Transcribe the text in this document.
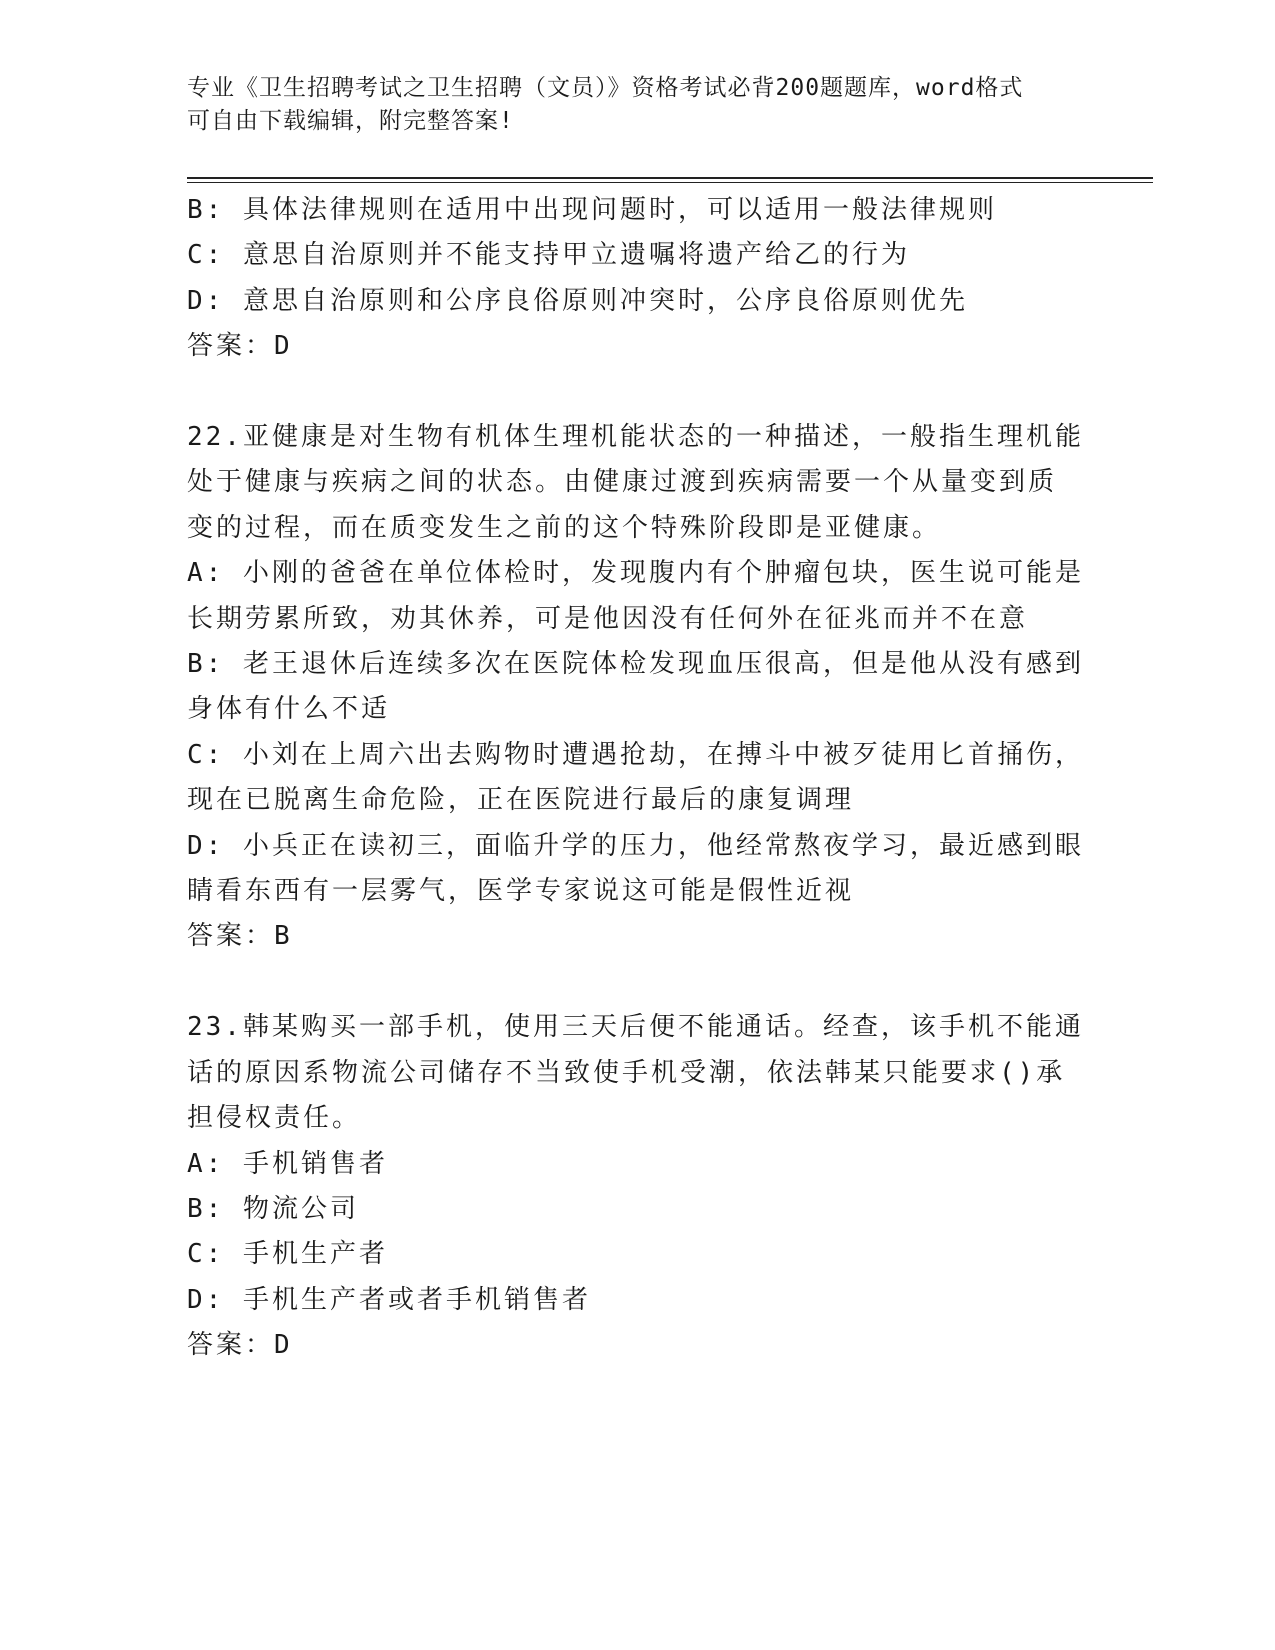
专业《卫生招聘考试之卫生招聘（文员）》资格考试必背200题题库，word格式
可自由下载编辑，附完整答案!
B: 具体法律规则在适用中出现问题时，可以适用一般法律规则
C: 意思自治原则并不能支持甲立遗嘱将遗产给乙的行为
D: 意思自治原则和公序良俗原则冲突时，公序良俗原则优先
答案：D
22.亚健康是对生物有机体生理机能状态的一种描述，一般指生理机能
处于健康与疾病之间的状态。由健康过渡到疾病需要一个从量变到质
变的过程，而在质变发生之前的这个特殊阶段即是亚健康。
A: 小刚的爸爸在单位体检时，发现腹内有个肿瘤包块，医生说可能是
长期劳累所致，劝其休养，可是他因没有任何外在征兆而并不在意
B: 老王退休后连续多次在医院体检发现血压很高，但是他从没有感到
身体有什么不适
C: 小刘在上周六出去购物时遭遇抢劫，在搏斗中被歹徒用匕首捅伤，
现在已脱离生命危险，正在医院进行最后的康复调理
D: 小兵正在读初三，面临升学的压力，他经常熬夜学习，最近感到眼
睛看东西有一层雾气，医学专家说这可能是假性近视
答案：B
23.韩某购买一部手机，使用三天后便不能通话。经查，该手机不能通
话的原因系物流公司储存不当致使手机受潮，依法韩某只能要求()承
担侵权责任。
A: 手机销售者
B: 物流公司
C: 手机生产者
D: 手机生产者或者手机销售者
答案：D
